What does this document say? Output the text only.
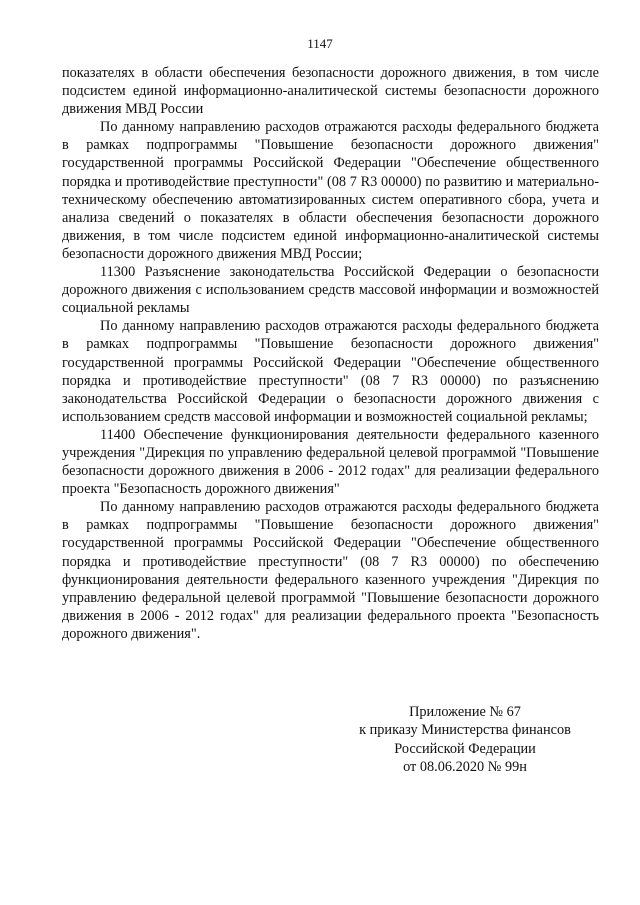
1147

показателях в области обеспечения безопасности дорожного движения, в том числе подсистем единой информационно-аналитической системы безопасности дорожного движения МВД России

По данному направлению расходов отражаются расходы федерального бюджета в рамках подпрограммы "Повышение безопасности дорожного движения" государственной программы Российской Федерации "Обеспечение общественного порядка и противодействие преступности" (08 7 R3 00000) по развитию и материально-техническому обеспечению автоматизированных систем оперативного сбора, учета и анализа сведений о показателях в области обеспечения безопасности дорожного движения, в том числе подсистем единой информационно-аналитической системы безопасности дорожного движения МВД России;

11300 Разъяснение законодательства Российской Федерации о безопасности дорожного движения с использованием средств массовой информации и возможностей социальной рекламы

По данному направлению расходов отражаются расходы федерального бюджета в рамках подпрограммы "Повышение безопасности дорожного движения" государственной программы Российской Федерации "Обеспечение общественного порядка и противодействие преступности" (08 7 R3 00000) по разъяснению законодательства Российской Федерации о безопасности дорожного движения с использованием средств массовой информации и возможностей социальной рекламы;

11400 Обеспечение функционирования деятельности федерального казенного учреждения "Дирекция по управлению федеральной целевой программой "Повышение безопасности дорожного движения в 2006 - 2012 годах" для реализации федерального проекта "Безопасность дорожного движения"

По данному направлению расходов отражаются расходы федерального бюджета в рамках подпрограммы "Повышение безопасности дорожного движения" государственной программы Российской Федерации "Обеспечение общественного порядка и противодействие преступности" (08 7 R3 00000) по обеспечению функционирования деятельности федерального казенного учреждения "Дирекция по управлению федеральной целевой программой "Повышение безопасности дорожного движения в 2006 - 2012 годах" для реализации федерального проекта "Безопасность дорожного движения".

Приложение № 67
к приказу Министерства финансов
Российской Федерации
от 08.06.2020 № 99н
